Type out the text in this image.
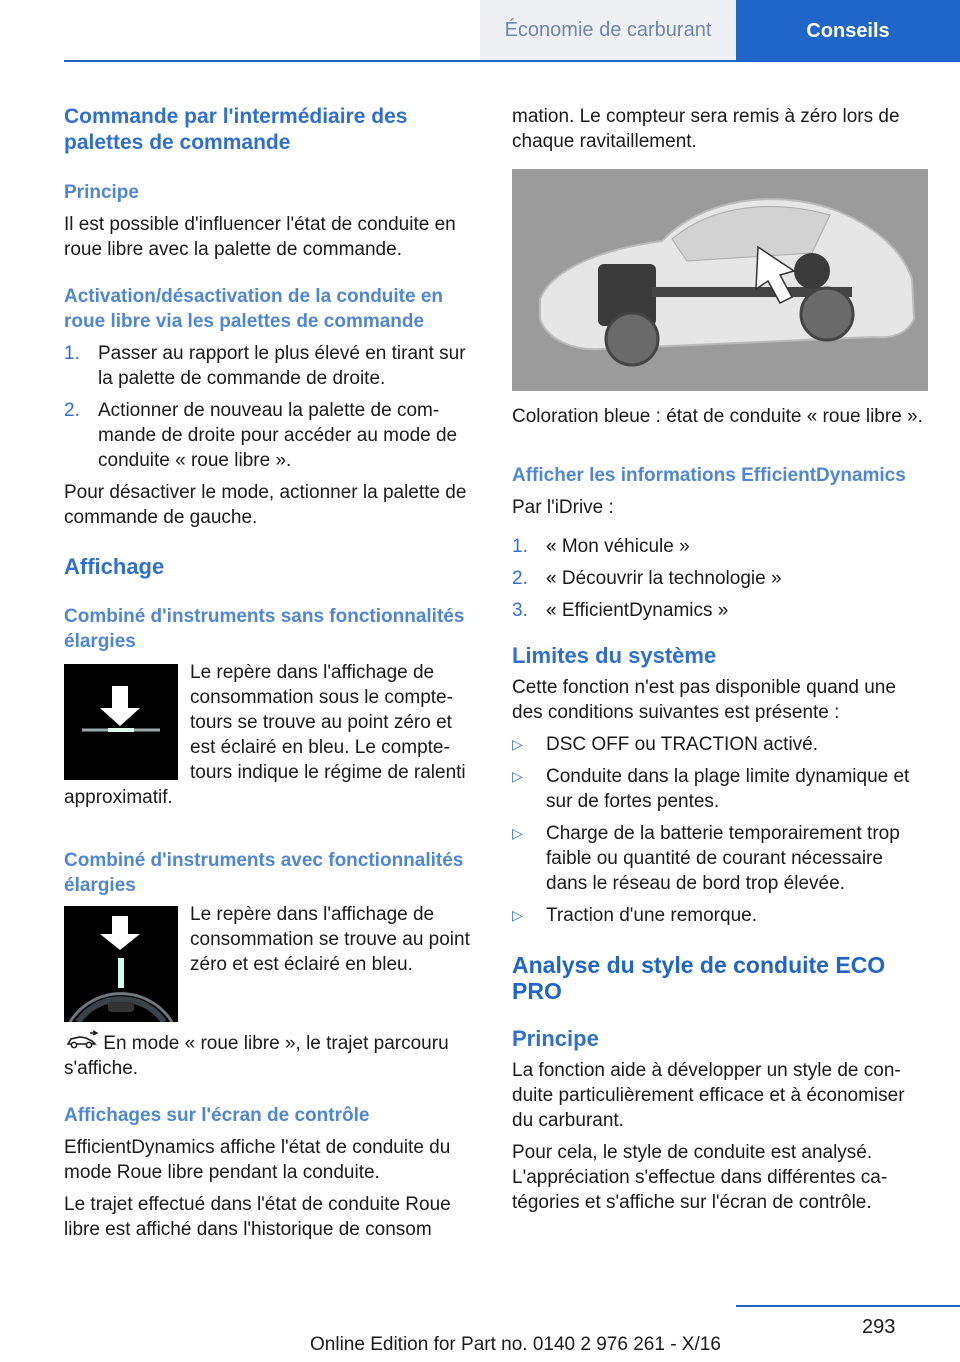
Économie de carburant	Conseils
Commande par l'intermédiaire des palettes de commande
Principe

Il est possible d'influencer l'état de conduite en roue libre avec la palette de commande.

Activation/désactivation de la conduite en roue libre via les palettes de commande
1. Passer au rapport le plus élevé en tirant sur la palette de commande de droite.
2. Actionner de nouveau la palette de commande de droite pour accéder au mode de conduite « roue libre ».

Pour désactiver le mode, actionner la palette de commande de gauche.

Affichage
Combiné d'instruments sans fonctionnalités élargies

Le repère dans l'affichage de consommation sous le compte-tours se trouve au point zéro et est éclairé en bleu. Le compte-tours indique le régime de ralenti approximatif.

Combiné d'instruments avec fonctionnalités élargies

Le repère dans l'affichage de consommation se trouve au point zéro et est éclairé en bleu.

En mode « roue libre », le trajet parcouru s'affiche.

Affichages sur l'écran de contrôle

EfficientDynamics affiche l'état de conduite du mode Roue libre pendant la conduite.

Le trajet effectué dans l'état de conduite Roue libre est affiché dans l'historique de consom

mation. Le compteur sera remis à zéro lors de chaque ravitaillement.

Coloration bleue : état de conduite « roue libre ».

Afficher les informations EfficientDynamics

Par l'iDrive :

1. « Mon véhicule »
2. « Découvrir la technologie »
3. « EfficientDynamics »
Limites du système

Cette fonction n'est pas disponible quand une des conditions suivantes est présente :

▷	DSC OFF ou TRACTION activé.
▷	Conduite dans la plage limite dynamique et sur de fortes pentes.
▷	Charge de la batterie temporairement trop faible ou quantité de courant nécessaire dans le réseau de bord trop élevée.
▷	Traction d'une remorque.
Analyse du style de conduite ECO PRO
Principe

La fonction aide à développer un style de conduite particulièrement efficace et à économiser du carburant.

Pour cela, le style de conduite est analysé. L'appréciation s'effectue dans différentes catégories et s'affiche sur l'écran de contrôle.

293
Online Edition for Part no. 0140 2 976 261 - X/16
